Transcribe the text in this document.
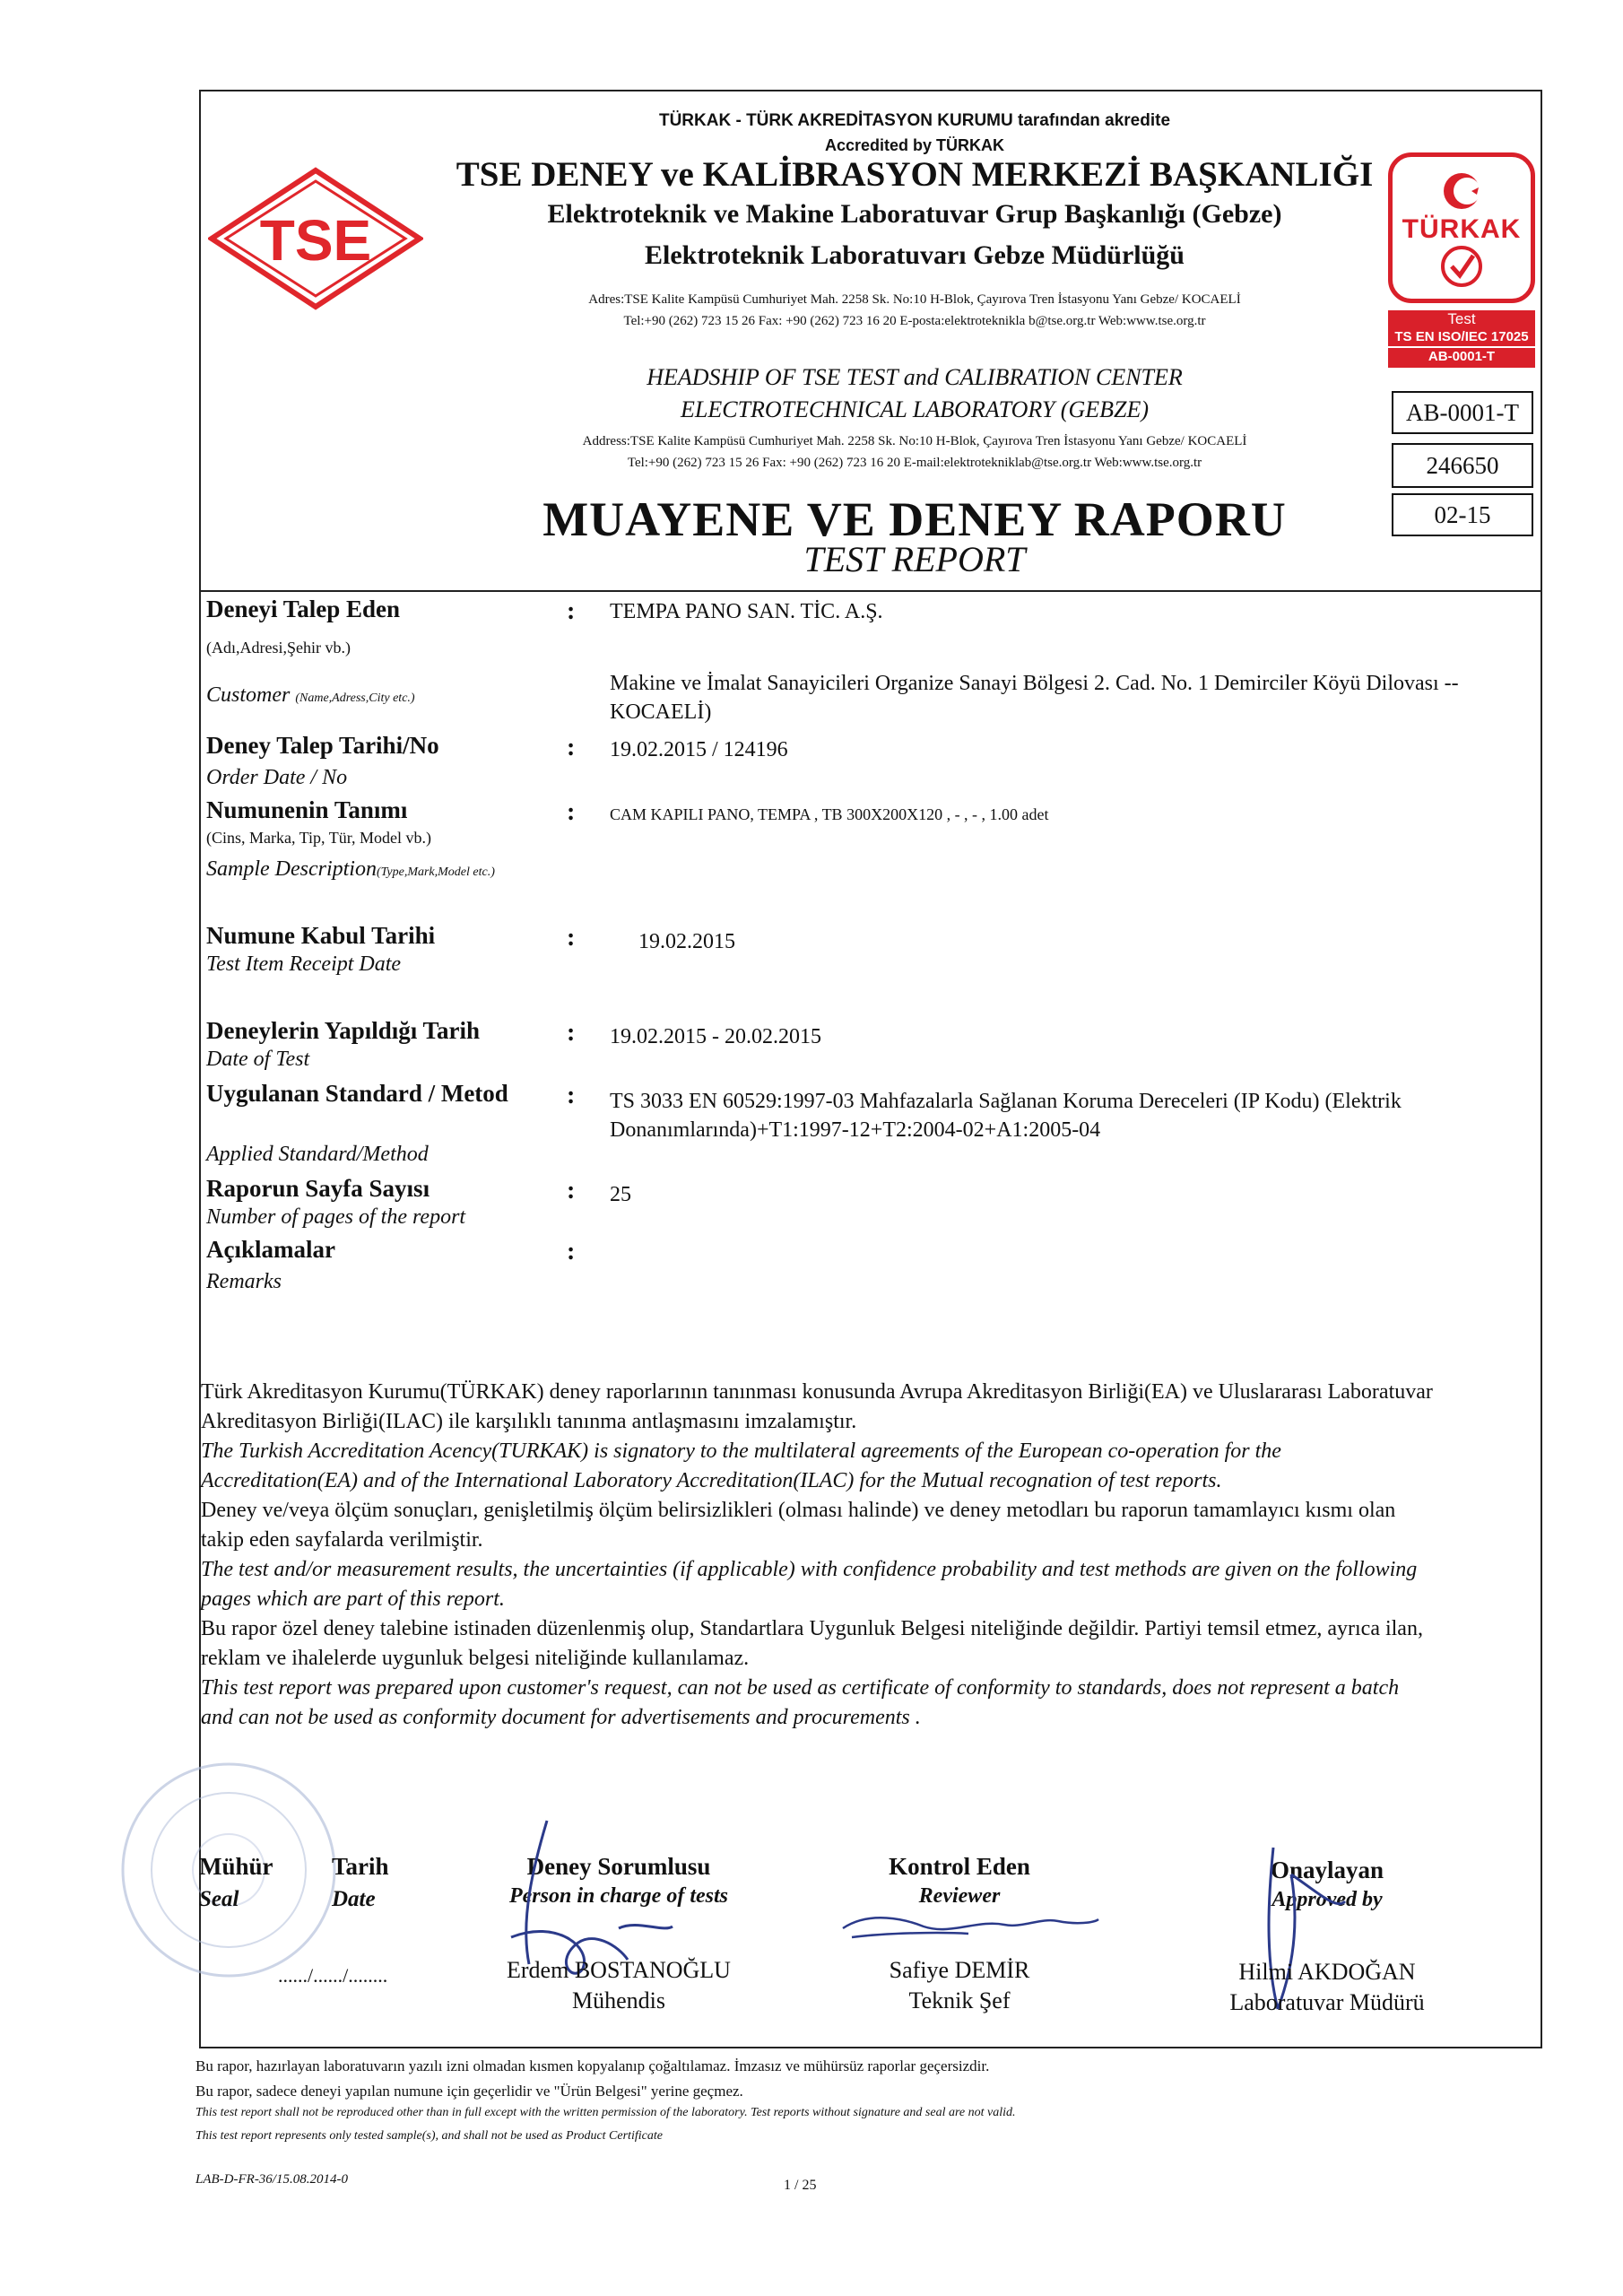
TSE	TÜRKAK
Test
TS EN ISO/IEC 17025
AB-0001-T
TÜRKAK - TÜRK AKREDİTASYON KURUMU tarafından akredite
Accredited by TÜRKAK
TSE DENEY ve KALİBRASYON MERKEZİ BAŞKANLIĞI
Elektroteknik ve Makine Laboratuvar Grup Başkanlığı (Gebze)
Elektroteknik Laboratuvarı Gebze Müdürlüğü
Adres:TSE Kalite Kampüsü Cumhuriyet Mah. 2258 Sk. No:10 H-Blok, Çayırova Tren İstasyonu Yanı Gebze/ KOCAELİ
Tel:+90 (262) 723 15 26 Fax: +90 (262) 723 16 20 E-posta:elektroteknikla b@tse.org.tr Web:www.tse.org.tr
HEADSHIP OF TSE TEST and CALIBRATION CENTER
ELECTROTECHNICAL LABORATORY (GEBZE)
Address:TSE Kalite Kampüsü Cumhuriyet Mah. 2258 Sk. No:10 H-Blok, Çayırova Tren İstasyonu Yanı Gebze/ KOCAELİ
Tel:+90 (262) 723 15 26 Fax: +90 (262) 723 16 20 E-mail:elektrotekniklab@tse.org.tr Web:www.tse.org.tr
MUAYENE VE DENEY RAPORU
TEST REPORT
AB-0001-T
246650
02-15
Deneyi Talep Eden
(Adı,Adresi,Şehir vb.)
Customer (Name,Adress,City etc.)
: TEMPA PANO SAN. TİC. A.Ş.
Makine ve İmalat Sanayicileri Organize Sanayi Bölgesi 2. Cad. No. 1 Demirciler Köyü Dilovası --KOCAELİ)
Deney Talep Tarihi/No
Order Date / No
: 19.02.2015 / 124196
Numunenin Tanımı
(Cins, Marka, Tip, Tür, Model vb.)
Sample Description(Type,Mark,Model etc.)
: CAM KAPILI PANO, TEMPA , TB 300X200X120 , - , - , 1.00 adet
Numune Kabul Tarihi
Test Item Receipt Date
:	19.02.2015
Deneylerin Yapıldığı Tarih
Date of Test
: 19.02.2015 - 20.02.2015
Uygulanan Standard / Metod
Applied Standard/Method
: TS 3033 EN 60529:1997-03 Mahfazalarla Sağlanan Koruma Dereceleri (IP Kodu) (Elektrik Donanımlarında)+T1:1997-12+T2:2004-02+A1:2005-04
Raporun Sayfa Sayısı
Number of pages of the report
: 25
Açıklamalar
Remarks
:
Türk Akreditasyon Kurumu(TÜRKAK) deney raporlarının tanınması konusunda Avrupa Akreditasyon Birliği(EA) ve Uluslararası Laboratuvar Akreditasyon Birliği(ILAC) ile karşılıklı tanınma antlaşmasını imzalamıştır.
The Turkish Accreditation Acency(TURKAK) is signatory to the multilateral agreements of the European co-operation for the Accreditation(EA) and of the International Laboratory Accreditation(ILAC) for the Mutual recognation of test reports.
Deney ve/veya ölçüm sonuçları, genişletilmiş ölçüm belirsizlikleri (olması halinde) ve deney metodları bu raporun tamamlayıcı kısmı olan takip eden sayfalarda verilmiştir.
The test and/or measurement results, the uncertainties (if applicable) with confidence probability and test methods are given on the following pages which are part of this report.
Bu rapor özel deney talebine istinaden düzenlenmiş olup, Standartlara Uygunluk Belgesi niteliğinde değildir. Partiyi temsil etmez, ayrıca ilan, reklam ve ihalelerde uygunluk belgesi niteliğinde kullanılamaz.
This test report was prepared upon customer's request, can not be used as certificate of conformity to standards, does not represent a batch and can not be used as conformity document for advertisements and procurements .
Mühür
Seal
Tarih
Date
....../....../........
Deney Sorumlusu
Person in charge of tests
Erdem BOSTANOĞLU
Mühendis
Kontrol Eden
Reviewer
Safiye DEMİR
Teknik Şef
Onaylayan
Approved by
Hilmi AKDOĞAN
Laboratuvar Müdürü
Bu rapor, hazırlayan laboratuvarın yazılı izni olmadan kısmen kopyalanıp çoğaltılamaz. İmzasız ve mühürsüz raporlar geçersizdir.
Bu rapor, sadece deneyi yapılan numune için geçerlidir ve "Ürün Belgesi" yerine geçmez.
This test report shall not be reproduced other than in full except with the written permission of the laboratory. Test reports without signature and seal are not valid.
This test report represents only tested sample(s), and shall not be used as Product Certificate
LAB-D-FR-36/15.08.2014-0	1 / 25
